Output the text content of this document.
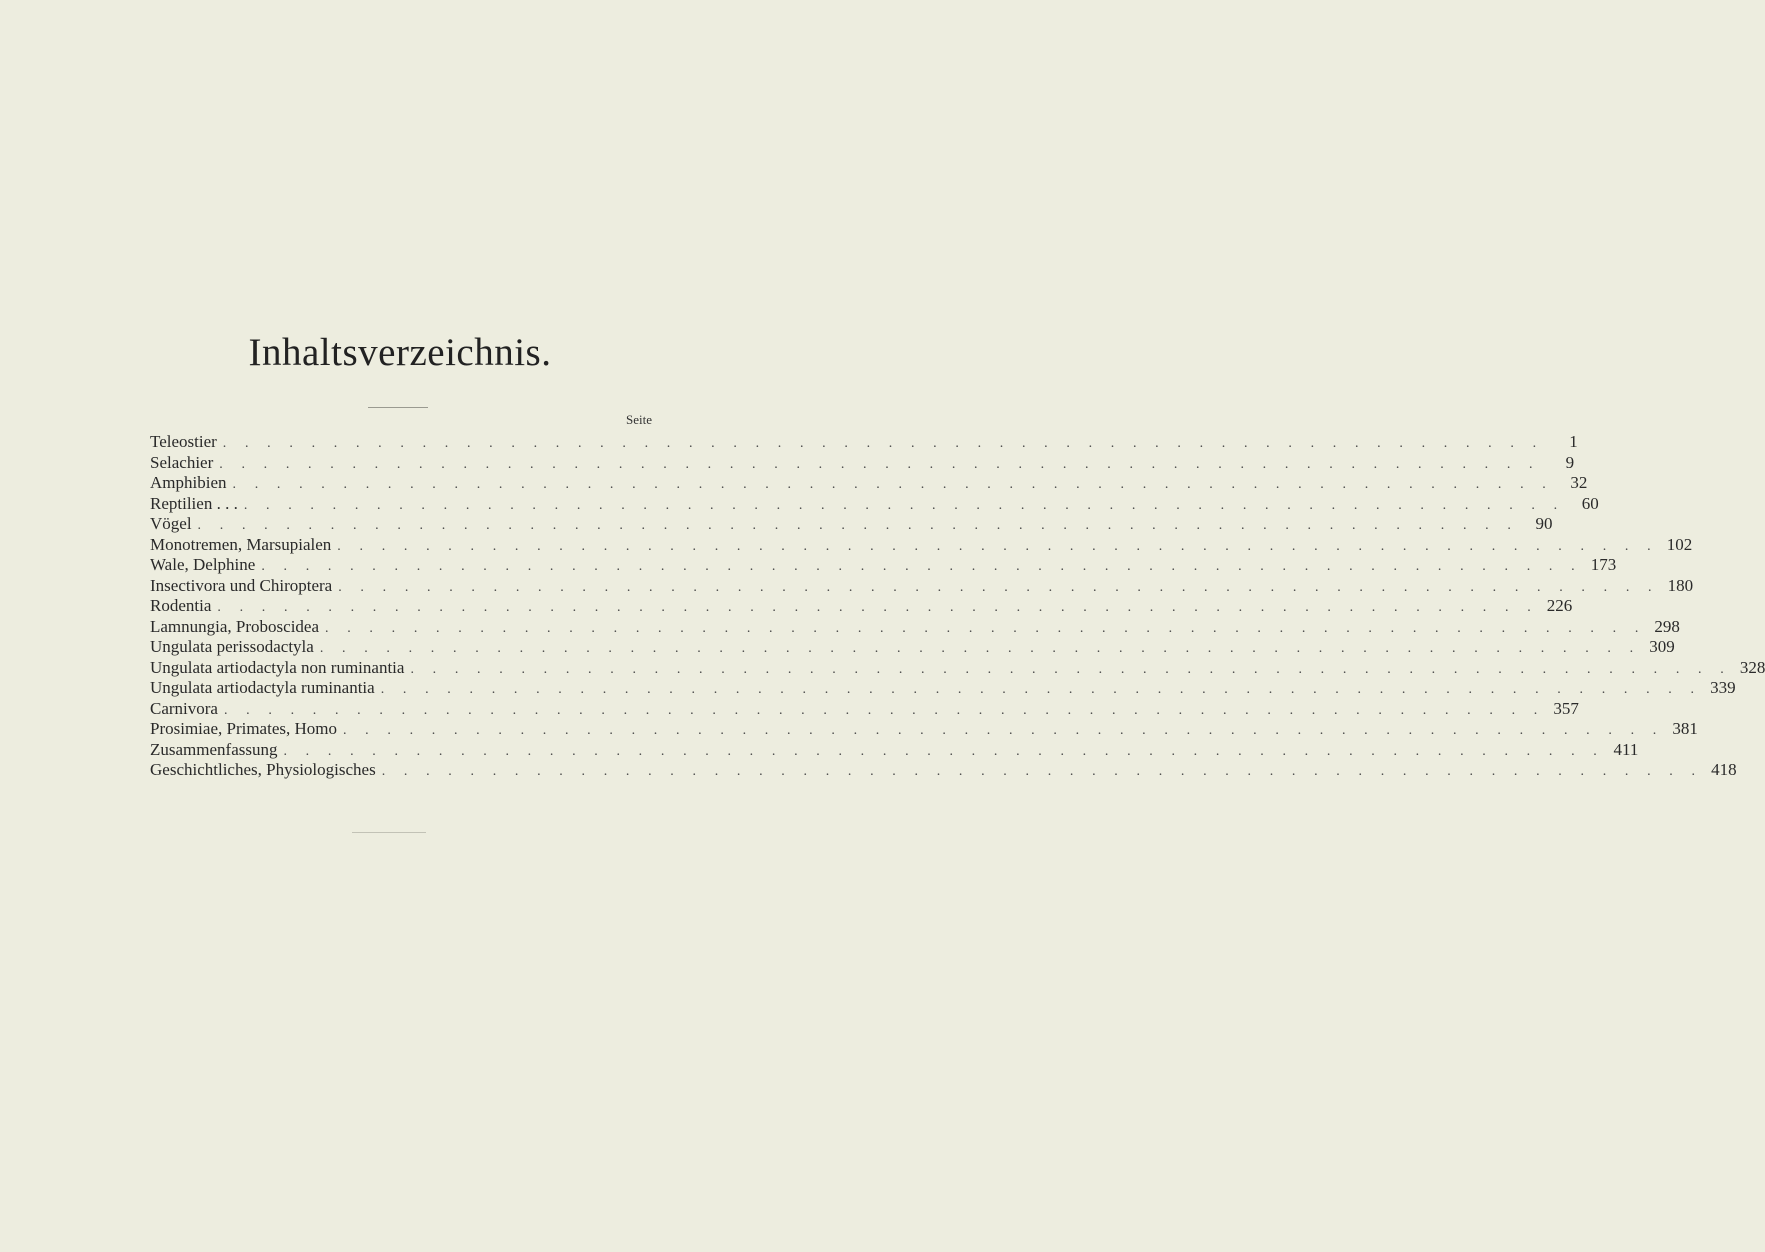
Inhaltsverzeichnis.
Seite
Teleostier . . . . . . . . . . . . . . . . . . . . . . . . . . . . . . . . . . . . . . . . . . . . . . . . . . . . . . . . . . . .	1
Selachier . . . . . . . . . . . . . . . . . . . . . . . . . . . . . . . . . . . . . . . . . . . . . . . . . . . . . . . . . . . .	9
Amphibien . . . . . . . . . . . . . . . . . . . . . . . . . . . . . . . . . . . . . . . . . . . . . . . . . . . . . . . . . . . .	32
Reptilien . . . . . . . . . . . . . . . . . . . . . . . . . . . . . . . . . . . . . . . . . . . . . . . . . . . . . . . . . . . . . . .	60
Vögel . . . . . . . . . . . . . . . . . . . . . . . . . . . . . . . . . . . . . . . . . . . . . . . . . . . . . . . . . . . .	90
Monotremen, Marsupialen . . . . . . . . . . . . . . . . . . . . . . . . . . . . . . . . . . . . . . . . . . . . . . . . . . . . . . . . . . . . 102
Wale, Delphine . . . . . . . . . . . . . . . . . . . . . . . . . . . . . . . . . . . . . . . . . . . . . . . . . . . . . . . . . . . . 173
Insectivora und Chiroptera . . . . . . . . . . . . . . . . . . . . . . . . . . . . . . . . . . . . . . . . . . . . . . . . . . . . . . . . . . . . 180
Rodentia . . . . . . . . . . . . . . . . . . . . . . . . . . . . . . . . . . . . . . . . . . . . . . . . . . . . . . . . . . . . 226
Lamnungia, Proboscidea . . . . . . . . . . . . . . . . . . . . . . . . . . . . . . . . . . . . . . . . . . . . . . . . . . . . . . . . . . . . 298
Ungulata perissodactyla . . . . . . . . . . . . . . . . . . . . . . . . . . . . . . . . . . . . . . . . . . . . . . . . . . . . . . . . . . . . 309
Ungulata artiodactyla non ruminantia . . . . . . . . . . . . . . . . . . . . . . . . . . . . . . . . . . . . . . . . . . . . . . . . . . . . . . . . . . . . 328
Ungulata artiodactyla ruminantia . . . . . . . . . . . . . . . . . . . . . . . . . . . . . . . . . . . . . . . . . . . . . . . . . . . . . . . . . . . . 339
Carnivora . . . . . . . . . . . . . . . . . . . . . . . . . . . . . . . . . . . . . . . . . . . . . . . . . . . . . . . . . . . . 357
Prosimiae, Primates, Homo . . . . . . . . . . . . . . . . . . . . . . . . . . . . . . . . . . . . . . . . . . . . . . . . . . . . . . . . . . . . 381
Zusammenfassung . . . . . . . . . . . . . . . . . . . . . . . . . . . . . . . . . . . . . . . . . . . . . . . . . . . . . . . . . . . . 411
Geschichtliches, Physiologisches . . . . . . . . . . . . . . . . . . . . . . . . . . . . . . . . . . . . . . . . . . . . . . . . . . . . . . . . . . . . 418
